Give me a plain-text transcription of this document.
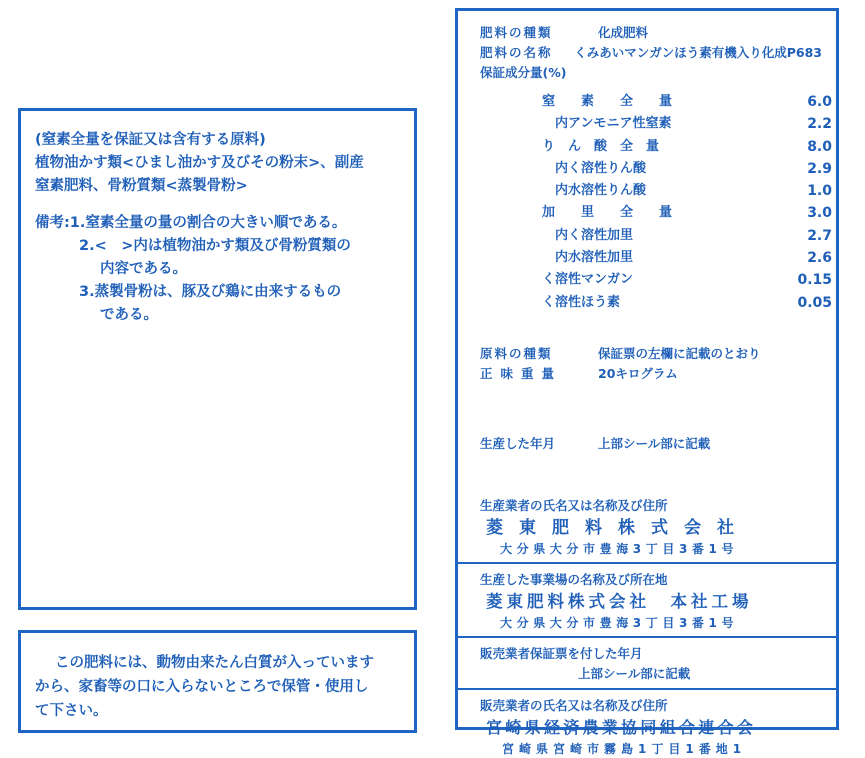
(窒素全量を保証又は含有する原料)
植物油かす類<ひまし油かす及びその粉末>、副産
窒素肥料、骨粉質類<蒸製骨粉>
備考:1.窒素全量の量の割合の大きい順である。
2.<　>内は植物油かす類及び骨粉質類の
内容である。
3.蒸製骨粉は、豚及び鶏に由来するもの
である。
この肥料には、動物由来たん白質が入っています
から、家畜等の口に入らないところで保管・使用し
て下さい。
肥料の種類	化成肥料
肥料の名称	くみあいマンガンほう素有機入り化成P683
保証成分量(%)
窒　　素　　全　　量	6.0
　内アンモニア性窒素	2.2
り　ん　酸　全　量	8.0
　内く溶性りん酸	2.9
　内水溶性りん酸	1.0
加　　里　　全　　量	3.0
　内く溶性加里	2.7
　内水溶性加里	2.6
く溶性マンガン	0.15
く溶性ほう素	0.05
原料の種類	保証票の左欄に記載のとおり
正味重量	20キログラム
生産した年月	上部シール部に記載
生産業者の氏名又は名称及び住所
菱東肥料株式会社
大分県大分市豊海3丁目3番1号
生産した事業場の名称及び所在地
菱東肥料株式会社　本社工場
大分県大分市豊海3丁目3番1号
販売業者保証票を付した年月
上部シール部に記載
販売業者の氏名又は名称及び住所
宮崎県経済農業協同組合連合会
宮崎県宮崎市霧島1丁目1番地1
